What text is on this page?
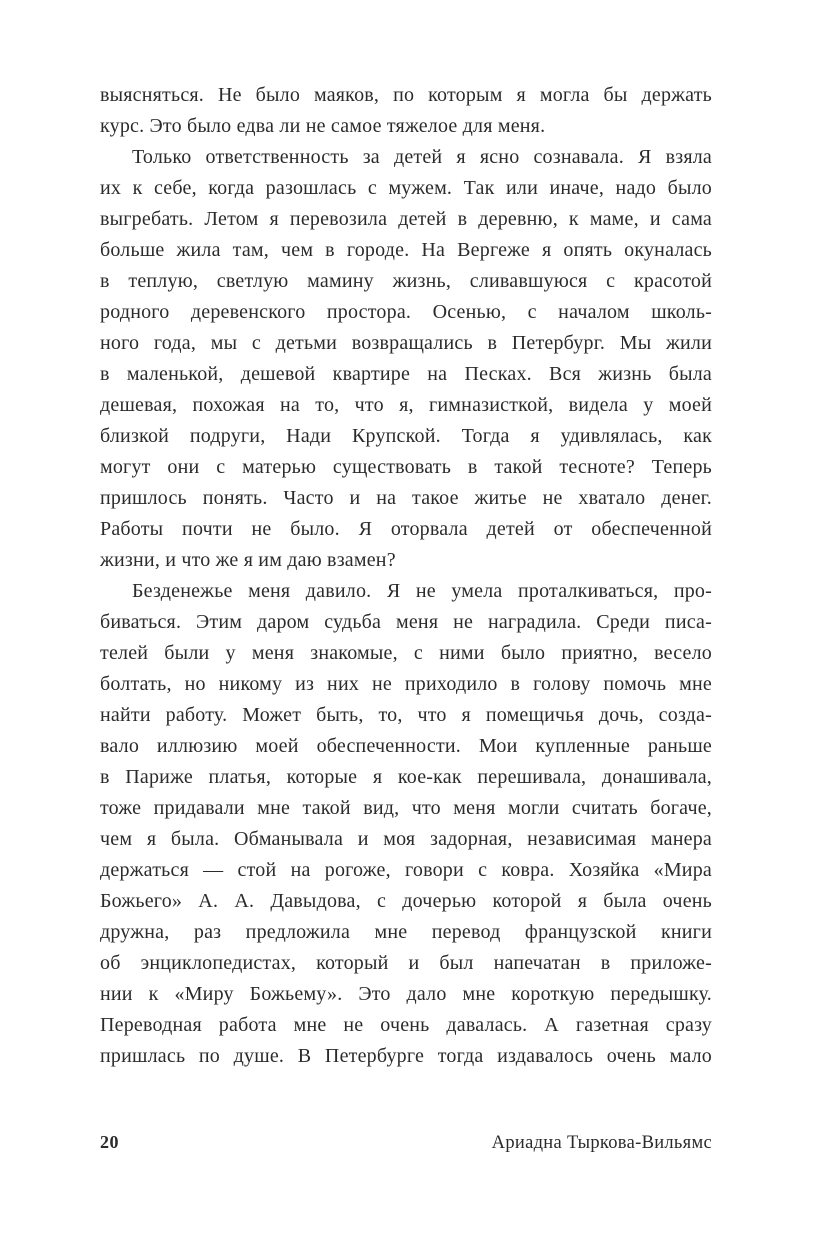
выясняться. Не было маяков, по которым я могла бы держать
курс. Это было едва ли не самое тяжелое для меня.
Только ответственность за детей я ясно сознавала. Я взяла
их к себе, когда разошлась с мужем. Так или иначе, надо было
выгребать. Летом я перевозила детей в деревню, к маме, и сама
больше жила там, чем в городе. На Вергеже я опять окуналась
в теплую, светлую мамину жизнь, сливавшуюся с красотой
родного деревенского простора. Осенью, с началом школь-
ного года, мы с детьми возвращались в Петербург. Мы жили
в маленькой, дешевой квартире на Песках. Вся жизнь была
дешевая, похожая на то, что я, гимназисткой, видела у моей
близкой подруги, Нади Крупской. Тогда я удивлялась, как
могут они с матерью существовать в такой тесноте? Теперь
пришлось понять. Часто и на такое житье не хватало денег.
Работы почти не было. Я оторвала детей от обеспеченной
жизни, и что же я им даю взамен?
Безденежье меня давило. Я не умела проталкиваться, про-
биваться. Этим даром судьба меня не наградила. Среди писа-
телей были у меня знакомые, с ними было приятно, весело
болтать, но никому из них не приходило в голову помочь мне
найти работу. Может быть, то, что я помещичья дочь, созда-
вало иллюзию моей обеспеченности. Мои купленные раньше
в Париже платья, которые я кое-как перешивала, донашивала,
тоже придавали мне такой вид, что меня могли считать богаче,
чем я была. Обманывала и моя задорная, независимая манера
держаться — стой на рогоже, говори с ковра. Хозяйка «Мира
Божьего» А. А. Давыдова, с дочерью которой я была очень
дружна, раз предложила мне перевод французской книги
об энциклопедистах, который и был напечатан в приложе-
нии к «Миру Божьему». Это дало мне короткую передышку.
Переводная работа мне не очень давалась. А газетная сразу
пришлась по душе. В Петербурге тогда издавалось очень мало
20	Ариадна Тыркова-Вильямс
